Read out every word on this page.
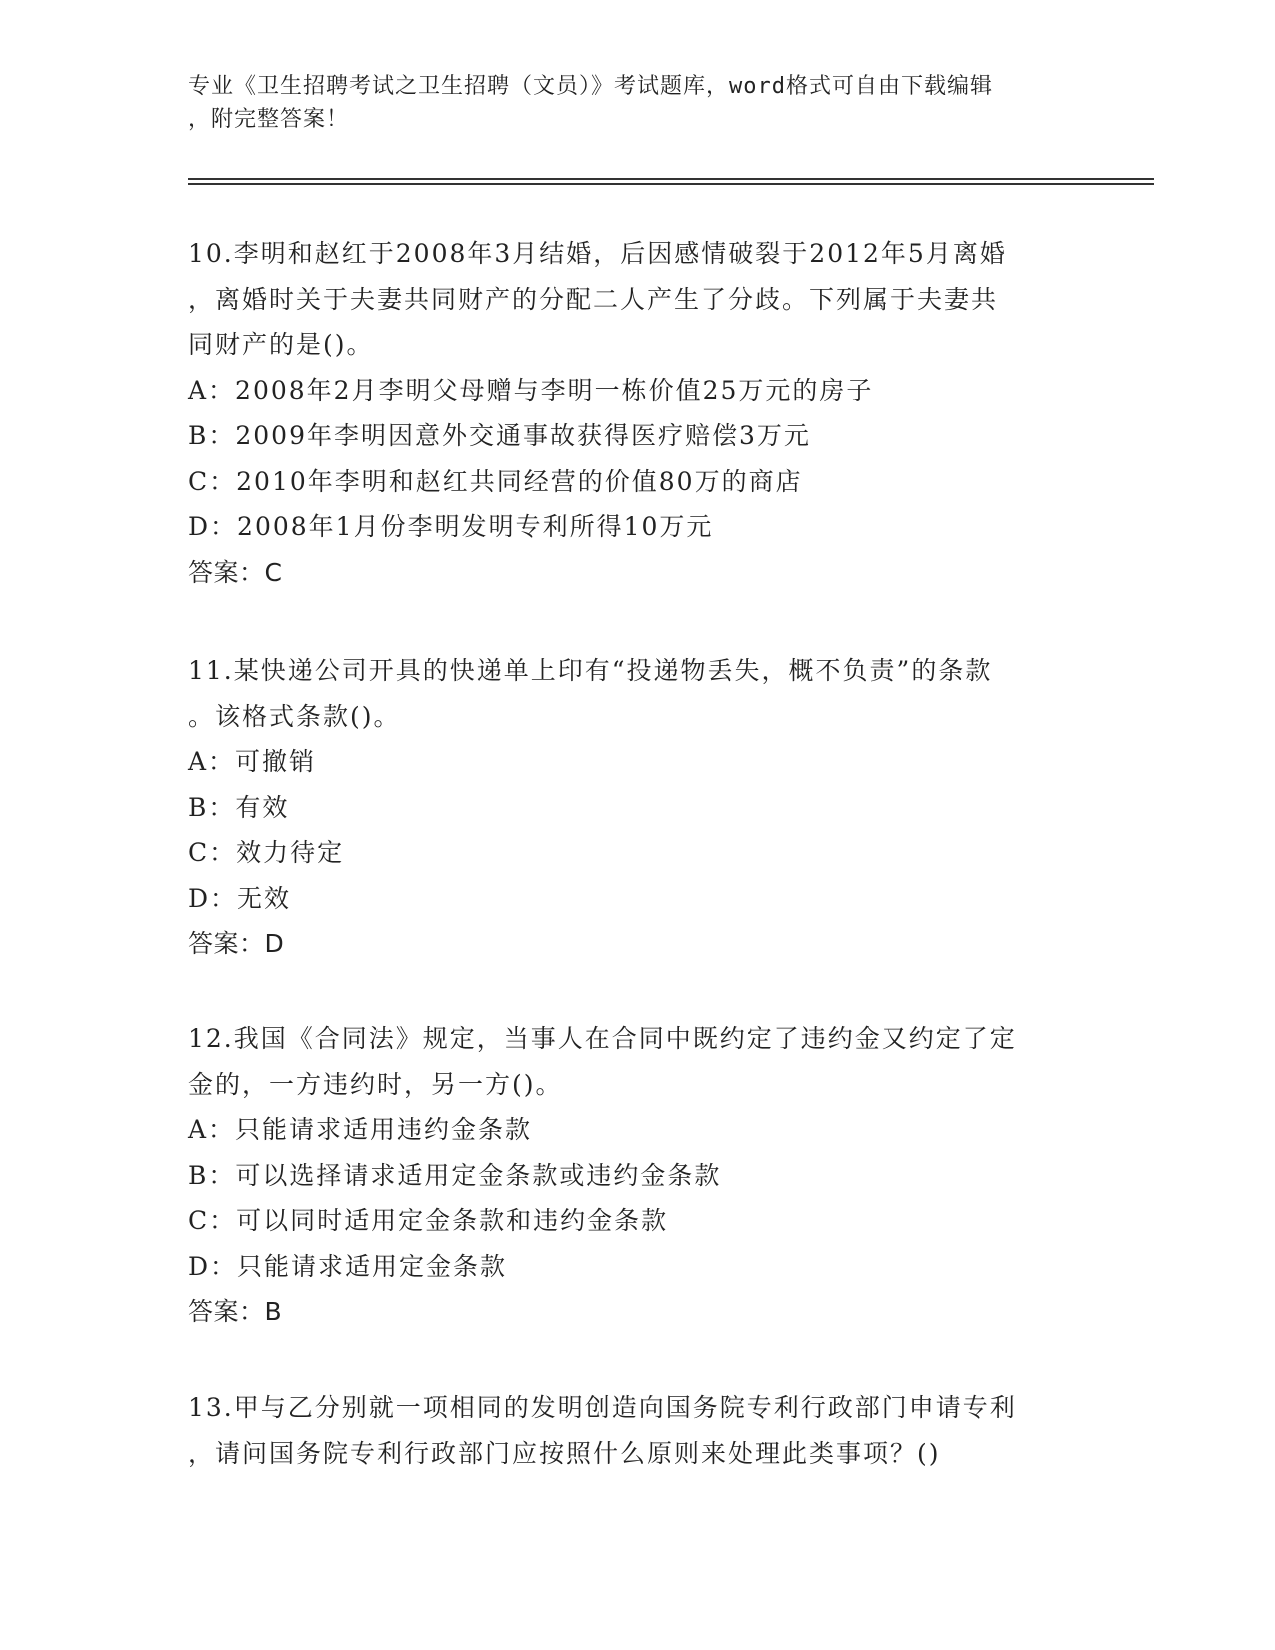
专业《卫生招聘考试之卫生招聘（文员）》考试题库，word格式可自由下载编辑
，附完整答案！
10.李明和赵红于2008年3月结婚，后因感情破裂于2012年5月离婚
，离婚时关于夫妻共同财产的分配二人产生了分歧。下列属于夫妻共
同财产的是()。
A：2008年2月李明父母赠与李明一栋价值25万元的房子
B：2009年李明因意外交通事故获得医疗赔偿3万元
C：2010年李明和赵红共同经营的价值80万的商店
D：2008年1月份李明发明专利所得10万元
答案：C
11.某快递公司开具的快递单上印有“投递物丢失，概不负责”的条款
。该格式条款()。
A：可撤销
B：有效
C：效力待定
D：无效
答案：D
12.我国《合同法》规定，当事人在合同中既约定了违约金又约定了定
金的，一方违约时，另一方()。
A：只能请求适用违约金条款
B：可以选择请求适用定金条款或违约金条款
C：可以同时适用定金条款和违约金条款
D：只能请求适用定金条款
答案：B
13.甲与乙分别就一项相同的发明创造向国务院专利行政部门申请专利
，请问国务院专利行政部门应按照什么原则来处理此类事项？()
